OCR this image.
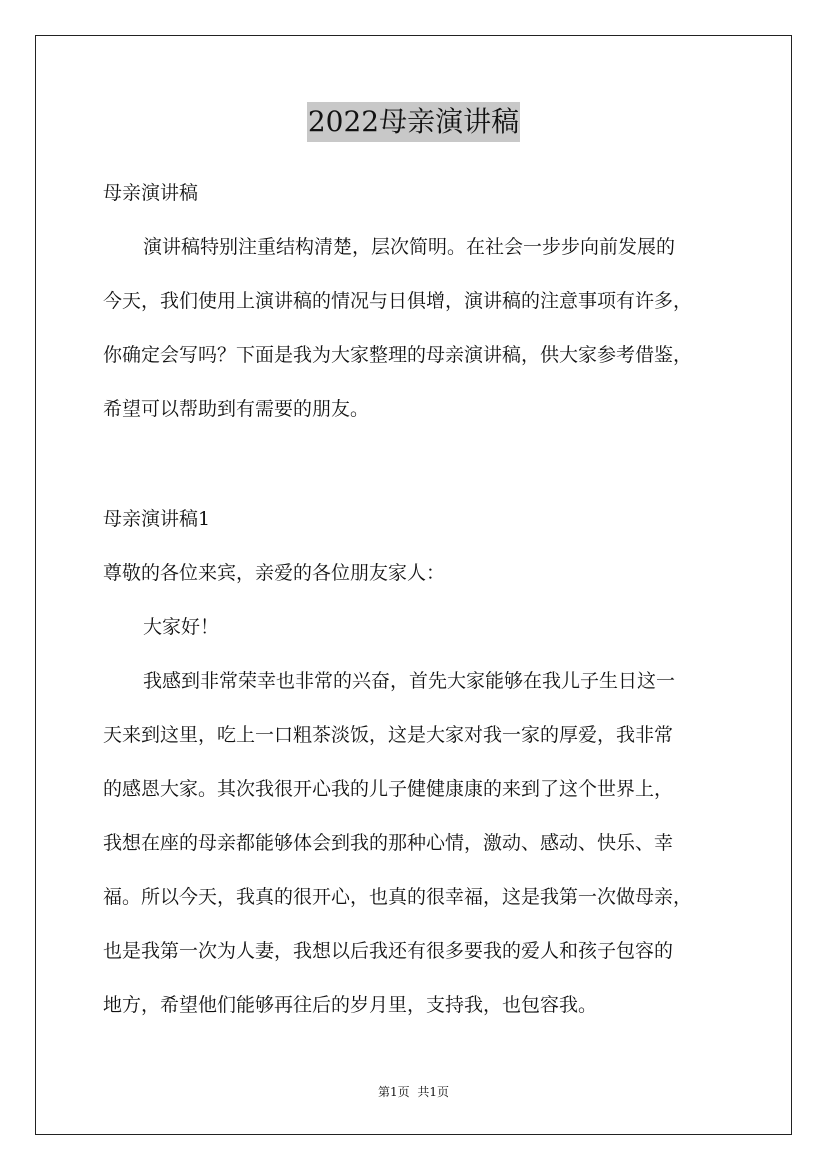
2022母亲演讲稿
母亲演讲稿
演讲稿特别注重结构清楚，层次简明。在社会一步步向前发展的
今天，我们使用上演讲稿的情况与日俱增，演讲稿的注意事项有许多，
你确定会写吗？下面是我为大家整理的母亲演讲稿，供大家参考借鉴，
希望可以帮助到有需要的朋友。
母亲演讲稿1
尊敬的各位来宾，亲爱的各位朋友家人：
大家好！
我感到非常荣幸也非常的兴奋，首先大家能够在我儿子生日这一
天来到这里，吃上一口粗茶淡饭，这是大家对我一家的厚爱，我非常
的感恩大家。其次我很开心我的儿子健健康康的来到了这个世界上，
我想在座的母亲都能够体会到我的那种心情，激动、感动、快乐、幸
福。所以今天，我真的很开心，也真的很幸福，这是我第一次做母亲，
也是我第一次为人妻，我想以后我还有很多要我的爱人和孩子包容的
地方，希望他们能够再往后的岁月里，支持我，也包容我。
第1页 共1页
